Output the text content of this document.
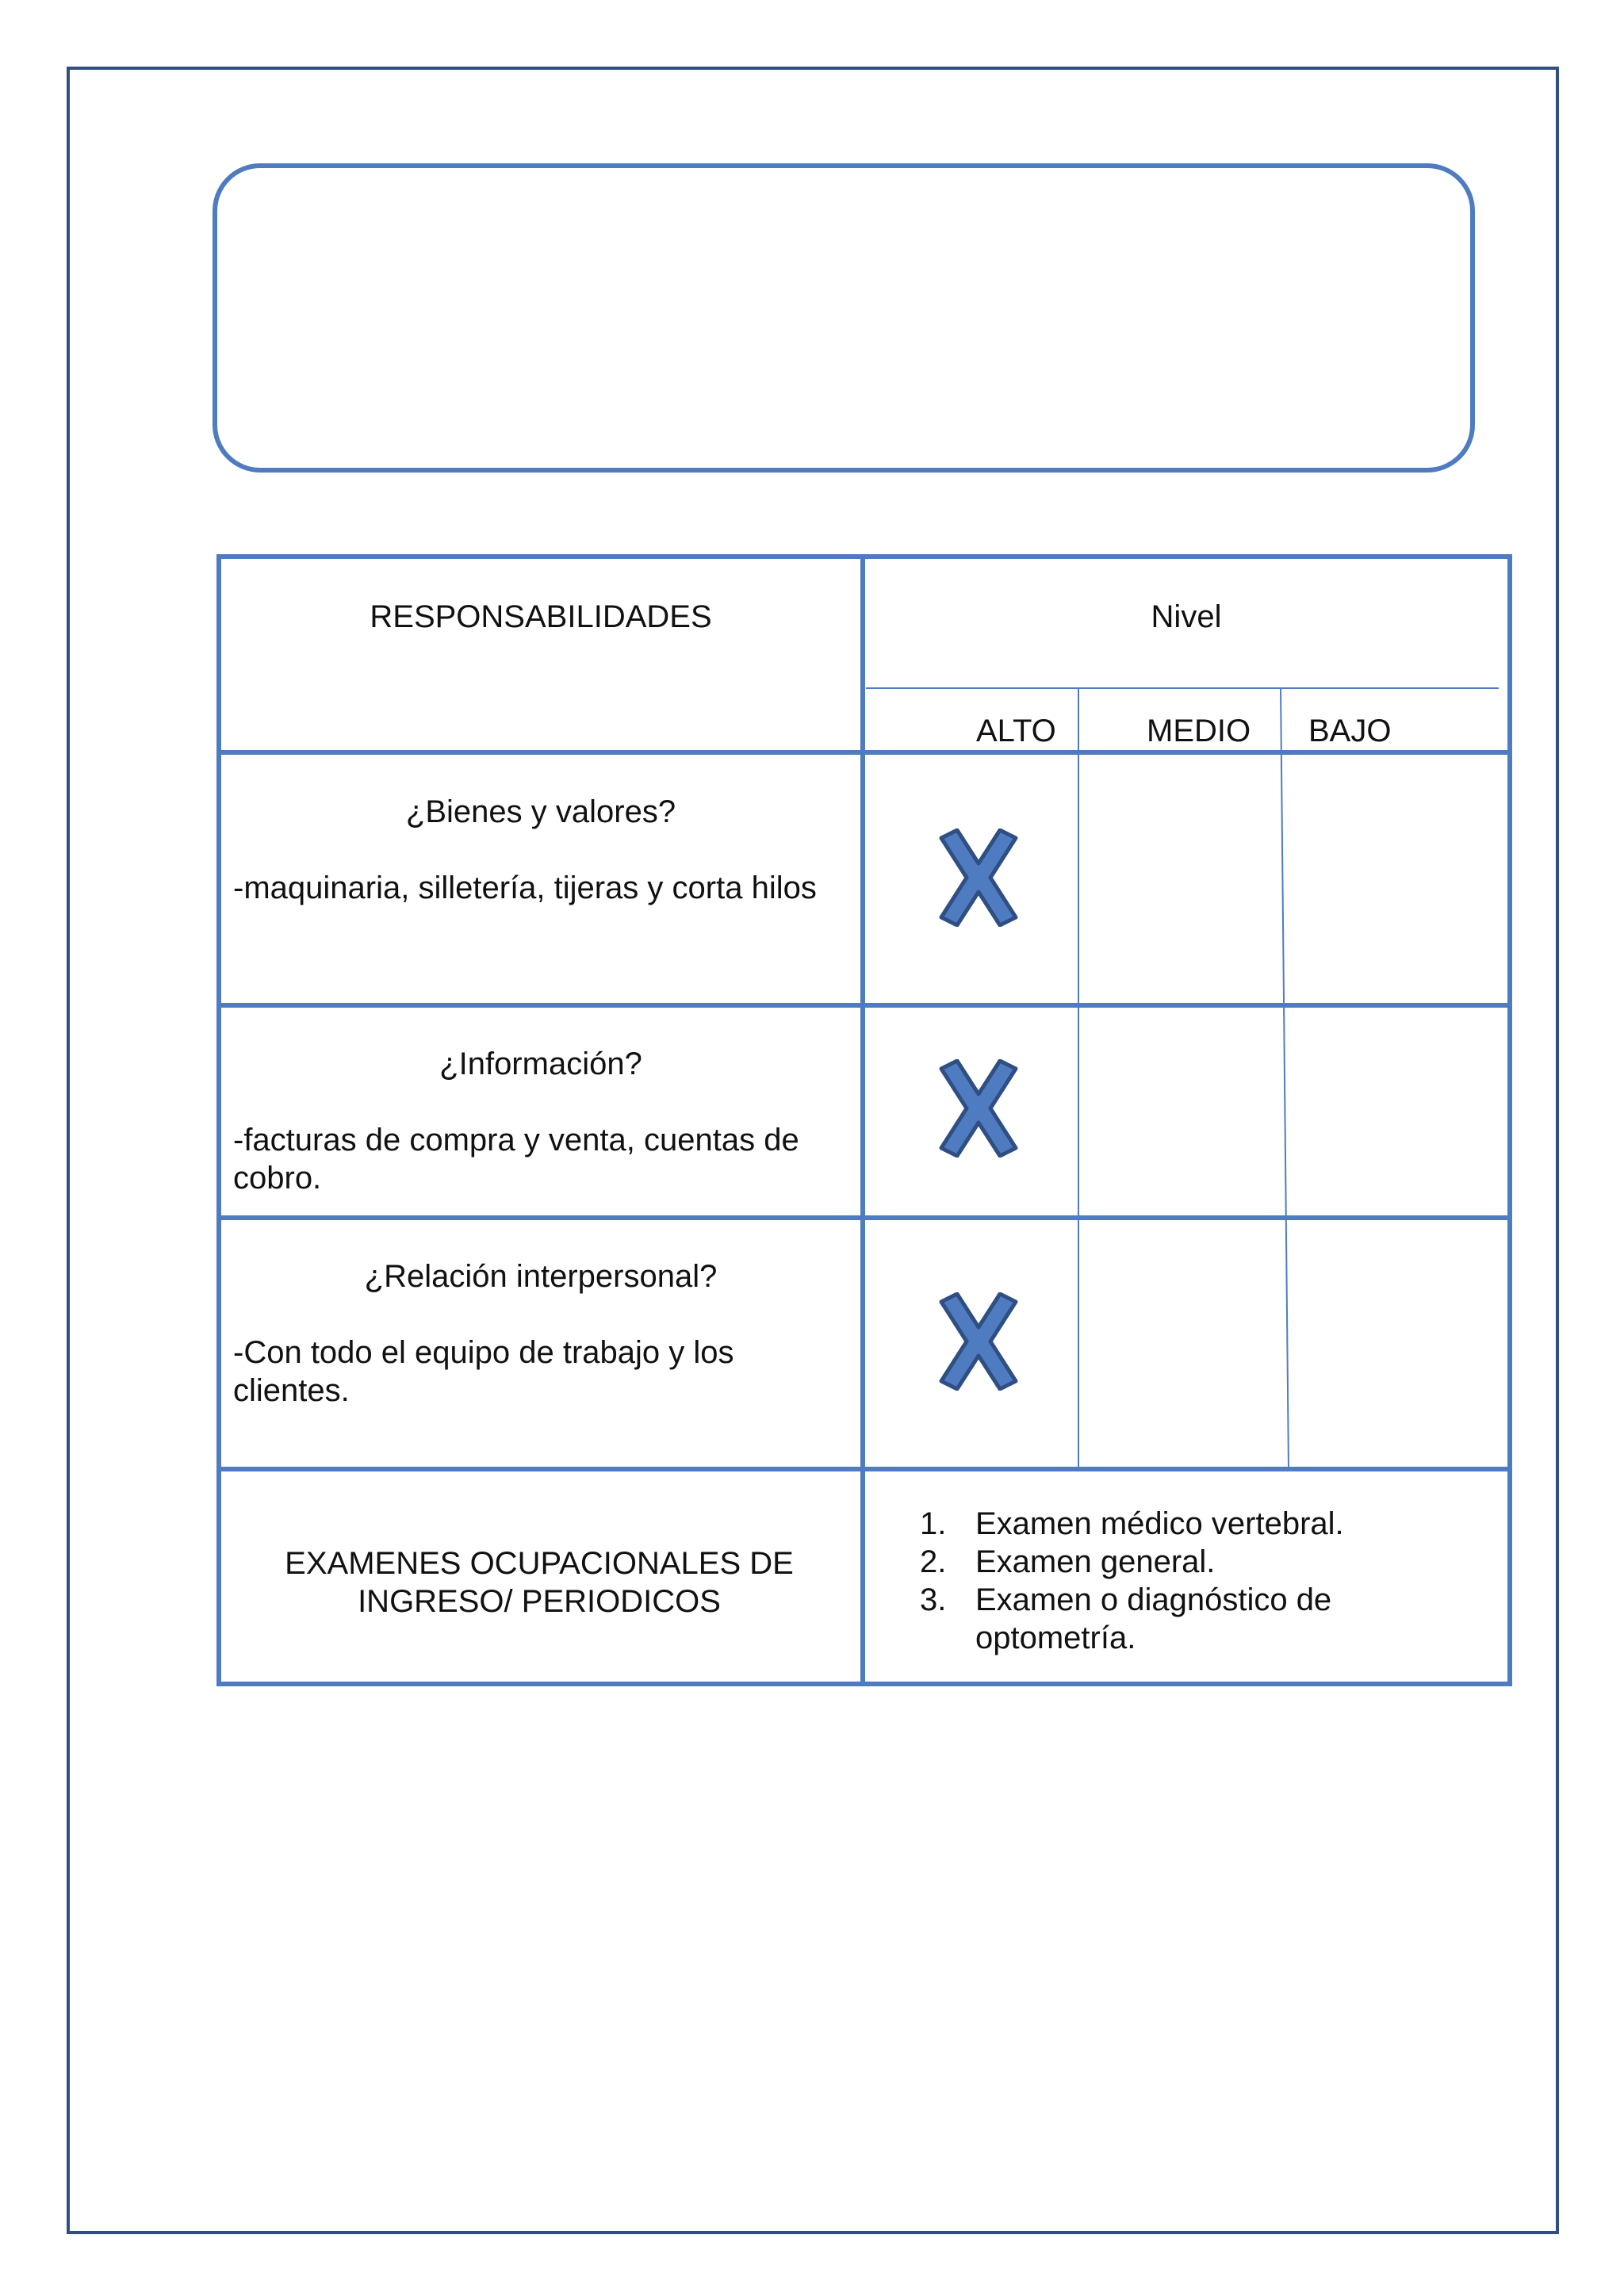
RESPONSABILIDADES	Nivel
ALTO	MEDIO BAJO
¿Bienes y valores?
-maquinaria, silletería, tijeras y corta hilos
¿Información?
-facturas de compra y venta, cuentas de cobro.
¿Relación interpersonal?
-Con todo el equipo de trabajo y los clientes.
EXAMENES OCUPACIONALES DE INGRESO/ PERIODICOS
1. Examen médico vertebral.
2. Examen general.
3. Examen o diagnóstico de optometría.
